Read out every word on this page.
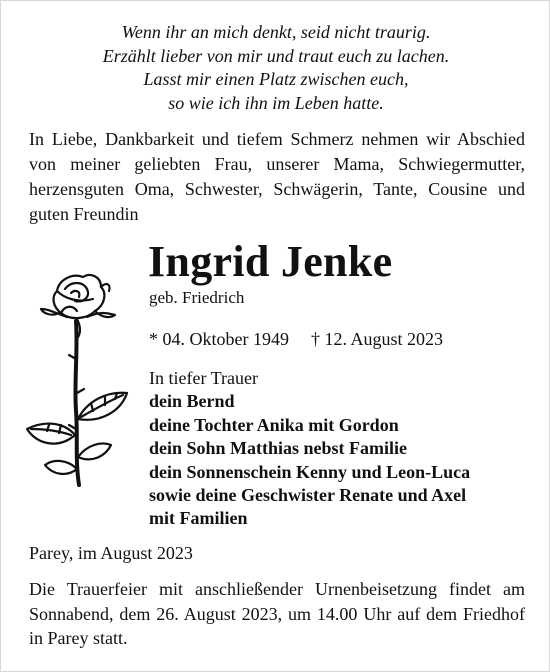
Wenn ihr an mich denkt, seid nicht traurig.
Erzählt lieber von mir und traut euch zu lachen.
Lasst mir einen Platz zwischen euch,
so wie ich ihn im Leben hatte.
In Liebe, Dankbarkeit und tiefem Schmerz nehmen wir Abschied von meiner geliebten Frau, unserer Mama, Schwiegermutter, herzensguten Oma, Schwester, Schwägerin, Tante, Cousine und guten Freundin
Ingrid Jenke
geb. Friedrich
* 04. Oktober 1949 † 12. August 2023
In tiefer Trauer
dein Bernd
deine Tochter Anika mit Gordon
dein Sohn Matthias nebst Familie
dein Sonnenschein Kenny und Leon-Luca
sowie deine Geschwister Renate und Axel
mit Familien
Parey, im August 2023
Die Trauerfeier mit anschließender Urnenbeisetzung findet am Sonnabend, dem 26. August 2023, um 14.00 Uhr auf dem Friedhof in Parey statt.
